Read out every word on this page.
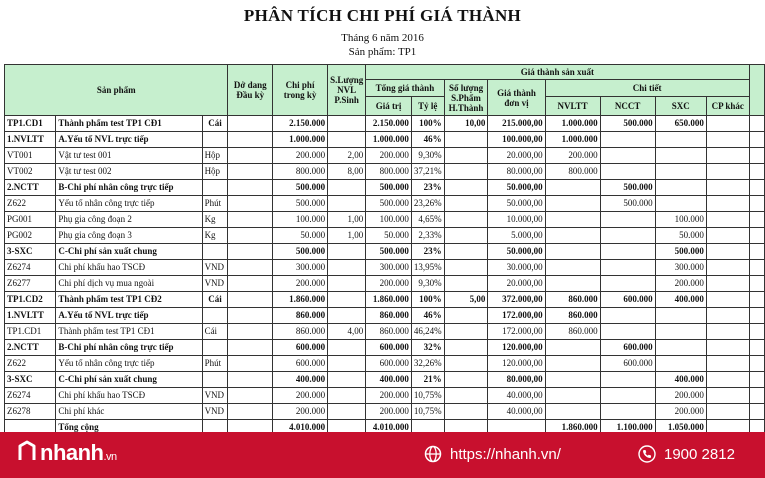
PHÂN TÍCH CHI PHÍ GIÁ THÀNH
Tháng 6 năm 2016
Sản phẩm: TP1
Sản phẩm			Dở dang Đầu kỳ	Chi phí trong kỳ	S.Lượng NVL P.Sinh	Giá thành sản xuất								
						Tổng giá thành		Số lượng S.Phẩm H.Thành	Giá thành đơn vị	Chi tiết				
						Giá trị	Tỷ lệ			NVLTT	NCCT	SXC	CP khác	
TP1.CD1	Thành phẩm test TP1 CĐ1	Cái		2.150.000		2.150.000	100%	10,00	215.000,00	1.000.000	500.000	650.000		
1.NVLTT	A.Yếu tố NVL trực tiếp			1.000.000		1.000.000	46%		100.000,00	1.000.000				
VT001	Vật tư test 001	Hộp		200.000	2,00	200.000	9,30%		20.000,00	200.000				
VT002	Vật tư test 002	Hộp		800.000	8,00	800.000	37,21%		80.000,00	800.000				
2.NCTT	B-Chi phí nhân công trực tiếp			500.000		500.000	23%		50.000,00		500.000			
Z622	Yếu tố nhân công trực tiếp	Phút		500.000		500.000	23,26%		50.000,00		500.000			
PG001	Phụ gia công đoạn 2	Kg		100.000	1,00	100.000	4,65%		10.000,00			100.000		
PG002	Phụ gia công đoạn 3	Kg		50.000	1,00	50.000	2,33%		5.000,00			50.000		
3-SXC	C-Chi phí sản xuất chung			500.000		500.000	23%		50.000,00			500.000		
Z6274	Chi phí khấu hao TSCĐ	VND		300.000		300.000	13,95%		30.000,00			300.000		
Z6277	Chi phí dịch vụ mua ngoài	VND		200.000		200.000	9,30%		20.000,00			200.000		
TP1.CD2	Thành phẩm test TP1 CĐ2	Cái		1.860.000		1.860.000	100%	5,00	372.000,00	860.000	600.000	400.000		
1.NVLTT	A.Yếu tố NVL trực tiếp			860.000		860.000	46%		172.000,00	860.000				
TP1.CD1	Thành phẩm test TP1 CĐ1	Cái		860.000	4,00	860.000	46,24%		172.000,00	860.000				
2.NCTT	B-Chi phí nhân công trực tiếp			600.000		600.000	32%		120.000,00		600.000			
Z622	Yếu tố nhân công trực tiếp	Phút		600.000		600.000	32,26%		120.000,00		600.000			
3-SXC	C-Chi phí sản xuất chung			400.000		400.000	21%		80.000,00			400.000		
Z6274	Chi phí khấu hao TSCĐ	VND		200.000		200.000	10,75%		40.000,00			200.000		
Z6278	Chi phí khác	VND		200.000		200.000	10,75%		40.000,00			200.000		
	Tổng cộng			4.010.000		4.010.000				1.860.000	1.100.000	1.050.000		
nhanh.vn	https://nhanh.vn/	1900 2812
